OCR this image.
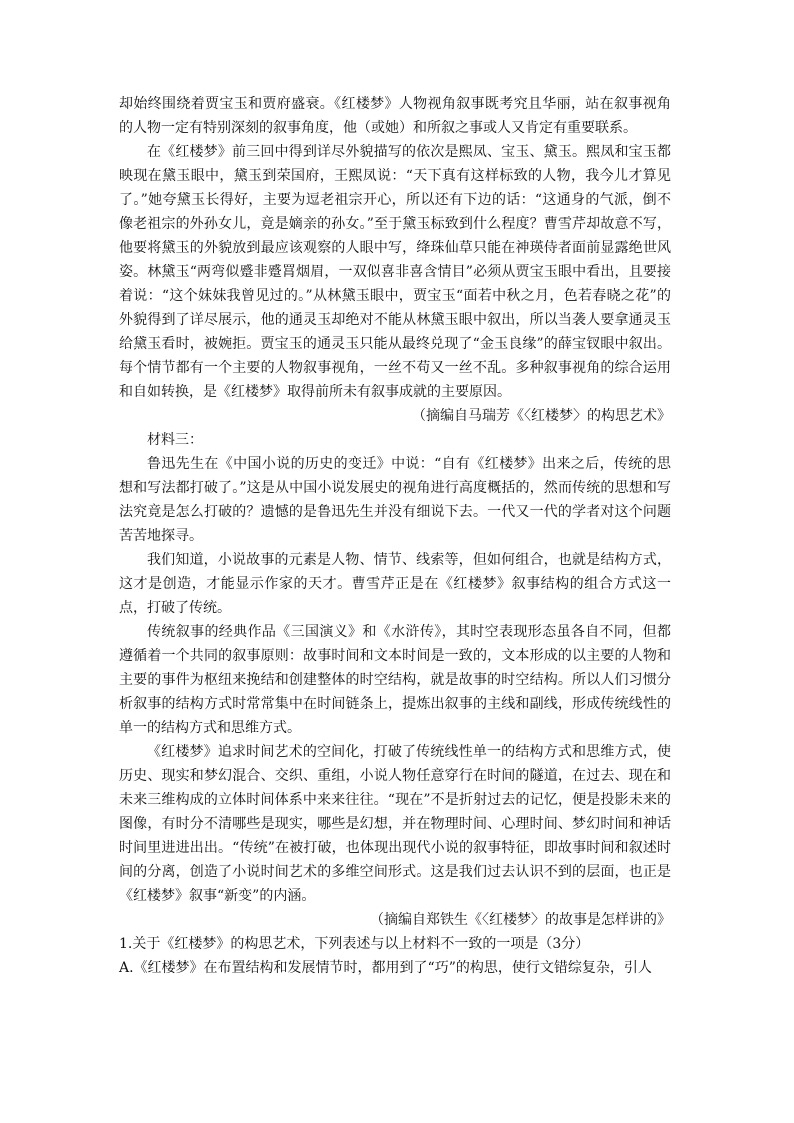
却始终围绕着贾宝玉和贾府盛衰。《红楼梦》人物视角叙事既考究且华丽，站在叙事视角的人物一定有特别深刻的叙事角度，他（或她）和所叙之事或人又肯定有重要联系。

在《红楼梦》前三回中得到详尽外貌描写的依次是熙凤、宝玉、黛玉。熙凤和宝玉都映现在黛玉眼中，黛玉到荣国府，王熙凤说：“天下真有这样标致的人物，我今儿才算见了。”她夸黛玉长得好，主要为逗老祖宗开心，所以还有下边的话：“这通身的气派，倒不像老祖宗的外孙女儿，竟是嫡亲的孙女。”至于黛玉标致到什么程度？曹雪芹却故意不写，他要将黛玉的外貌放到最应该观察的人眼中写，绛珠仙草只能在神瑛侍者面前显露绝世风姿。林黛玉“两弯似蹙非蹙罥烟眉，一双似喜非喜含情目”必须从贾宝玉眼中看出，且要接着说：“这个妹妹我曾见过的。”从林黛玉眼中，贾宝玉“面若中秋之月，色若春晓之花”的外貌得到了详尽展示，他的通灵玉却绝对不能从林黛玉眼中叙出，所以当袭人要拿通灵玉给黛玉看时，被婉拒。贾宝玉的通灵玉只能从最终兑现了“金玉良缘”的薛宝钗眼中叙出。每个情节都有一个主要的人物叙事视角，一丝不苟又一丝不乱。多种叙事视角的综合运用和自如转换，是《红楼梦》取得前所未有叙事成就的主要原因。

（摘编自马瑞芳《〈红楼梦〉的构思艺术》

材料三：

鲁迅先生在《中国小说的历史的变迁》中说：“自有《红楼梦》出来之后，传统的思想和写法都打破了。”这是从中国小说发展史的视角进行高度概括的，然而传统的思想和写法究竟是怎么打破的？遗憾的是鲁迅先生并没有细说下去。一代又一代的学者对这个问题苦苦地探寻。

我们知道，小说故事的元素是人物、情节、线索等，但如何组合，也就是结构方式，这才是创造，才能显示作家的天才。曹雪芹正是在《红楼梦》叙事结构的组合方式这一点，打破了传统。

传统叙事的经典作品《三国演义》和《水浒传》，其时空表现形态虽各自不同，但都遵循着一个共同的叙事原则：故事时间和文本时间是一致的，文本形成的以主要的人物和主要的事件为枢纽来挽结和创建整体的时空结构，就是故事的时空结构。所以人们习惯分析叙事的结构方式时常常集中在时间链条上，提炼出叙事的主线和副线，形成传统线性的单一的结构方式和思维方式。

《红楼梦》追求时间艺术的空间化，打破了传统线性单一的结构方式和思维方式，使历史、现实和梦幻混合、交织、重组，小说人物任意穿行在时间的隧道，在过去、现在和未来三维构成的立体时间体系中来来往往。“现在”不是折射过去的记忆，便是投影未来的图像，有时分不清哪些是现实，哪些是幻想，并在物理时间、心理时间、梦幻时间和神话时间里进进出出。“传统”在被打破，也体现出现代小说的叙事特征，即故事时间和叙述时间的分离，创造了小说时间艺术的多维空间形式。这是我们过去认识不到的层面，也正是《红楼梦》叙事“新变”的内涵。

（摘编自郑铁生《〈红楼梦〉的故事是怎样讲的》

1.关于《红楼梦》的构思艺术，下列表述与以上材料不一致的一项是（3分）

A.《红楼梦》在布置结构和发展情节时，都用到了“巧”的构思，使行文错综复杂，引人
